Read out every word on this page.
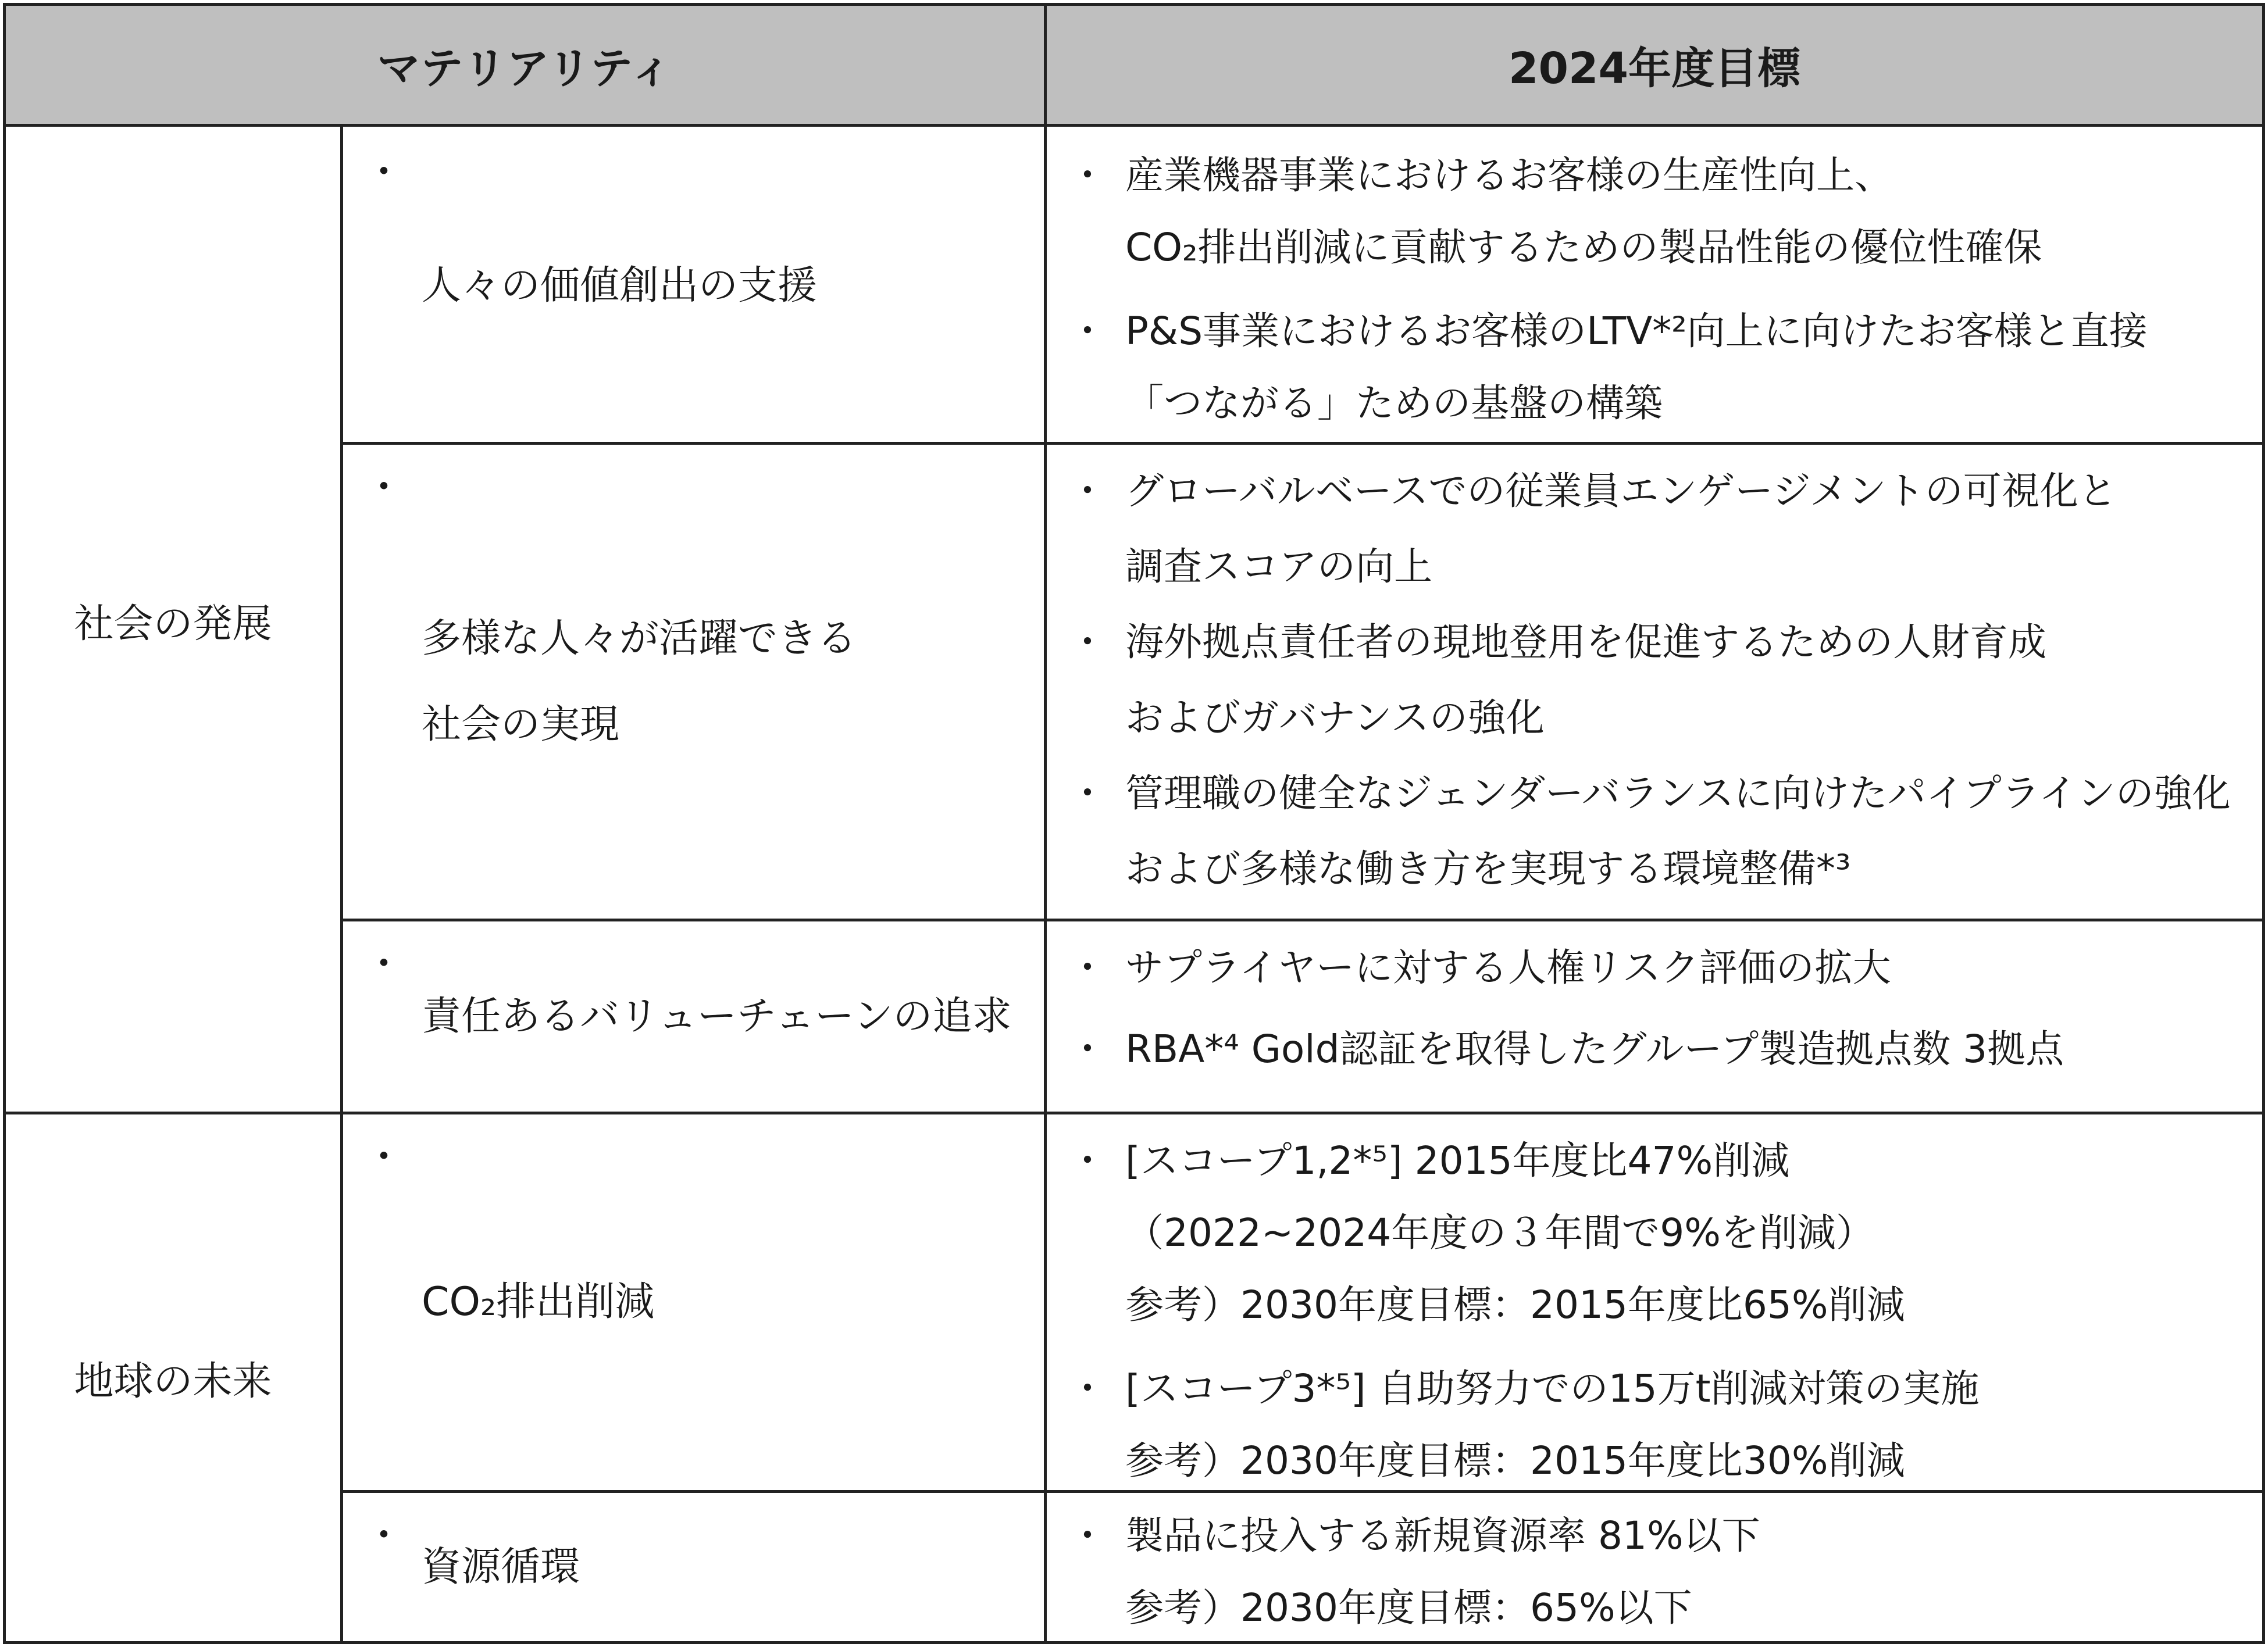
マテリアリティ	2024年度目標
社会の発展
地球の未来
・
人々の価値創出の支援
・
多様な人々が活躍できる
社会の実現
・
責任あるバリューチェーンの追求
・
CO₂排出削減
・
資源循環
・ 産業機器事業におけるお客様の生産性向上、
CO₂排出削減に貢献するための製品性能の優位性確保
・ P&S事業におけるお客様のLTV*²向上に向けたお客様と直接
「つながる」ための基盤の構築
・ グローバルベースでの従業員エンゲージメントの可視化と
調査スコアの向上
・ 海外拠点責任者の現地登用を促進するための人財育成
およびガバナンスの強化
・ 管理職の健全なジェンダーバランスに向けたパイプラインの強化
および多様な働き方を実現する環境整備*³
・ サプライヤーに対する人権リスク評価の拡大
・ RBA*⁴ Gold認証を取得したグループ製造拠点数 3拠点
・ [スコープ1,2*⁵] 2015年度比47%削減
（2022~2024年度の３年間で9%を削減）
参考）2030年度目標：2015年度比65%削減
・ [スコープ3*⁵] 自助努力での15万t削減対策の実施
参考）2030年度目標：2015年度比30%削減
・ 製品に投入する新規資源率 81%以下
参考）2030年度目標：65%以下
